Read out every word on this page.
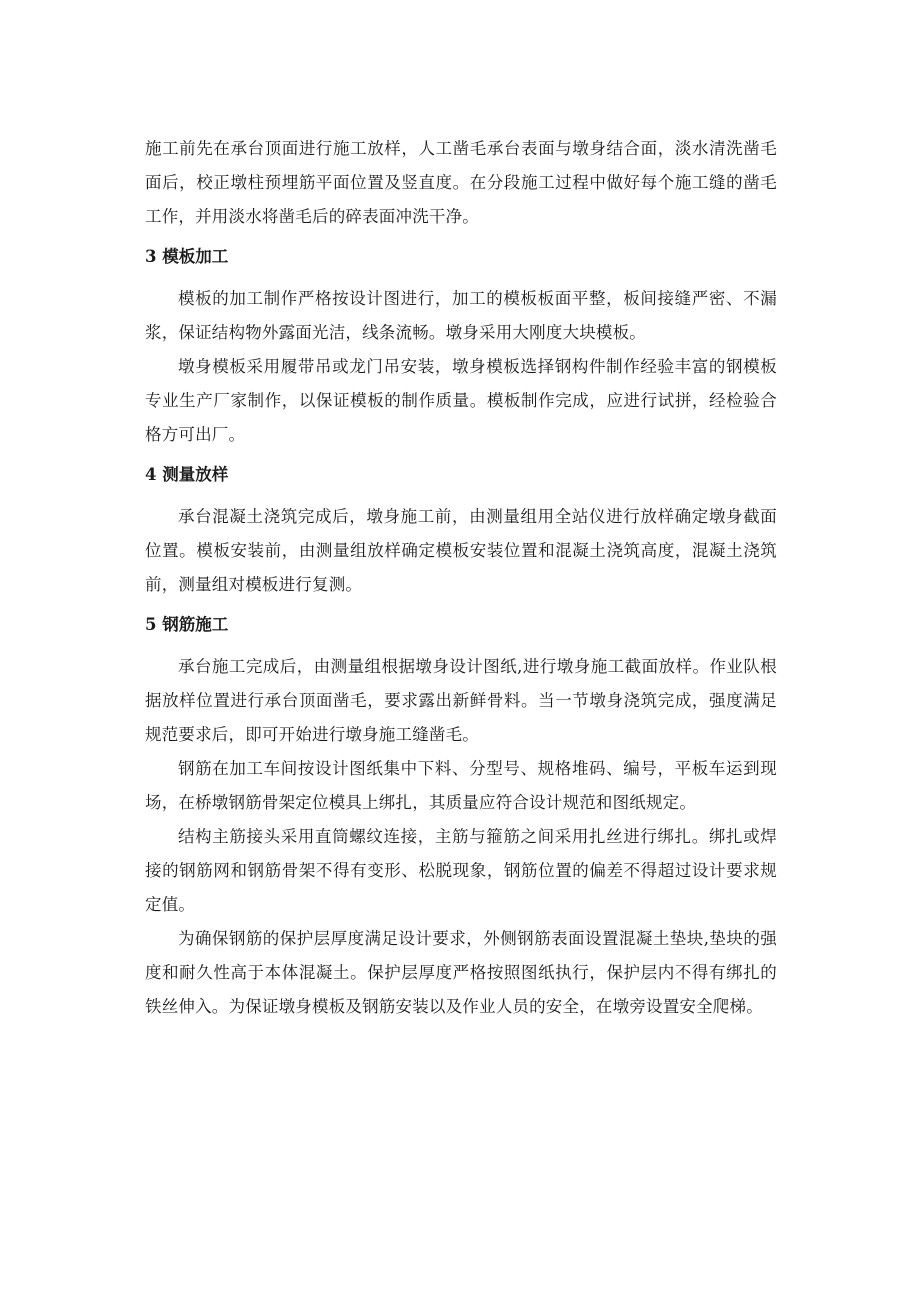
施工前先在承台顶面进行施工放样，人工凿毛承台表面与墩身结合面，淡水清洗凿毛面后，校正墩柱预埋筋平面位置及竖直度。在分段施工过程中做好每个施工缝的凿毛工作，并用淡水将凿毛后的碎表面冲洗干净。

3 模板加工

模板的加工制作严格按设计图进行，加工的模板板面平整，板间接缝严密、不漏浆，保证结构物外露面光洁，线条流畅。墩身采用大刚度大块模板。

墩身模板采用履带吊或龙门吊安装，墩身模板选择钢构件制作经验丰富的钢模板专业生产厂家制作，以保证模板的制作质量。模板制作完成，应进行试拼，经检验合格方可出厂。

4 测量放样

承台混凝土浇筑完成后，墩身施工前，由测量组用全站仪进行放样确定墩身截面位置。模板安装前，由测量组放样确定模板安装位置和混凝土浇筑高度，混凝土浇筑前，测量组对模板进行复测。

5 钢筋施工

承台施工完成后，由测量组根据墩身设计图纸,进行墩身施工截面放样。作业队根据放样位置进行承台顶面凿毛，要求露出新鲜骨料。当一节墩身浇筑完成，强度满足规范要求后，即可开始进行墩身施工缝凿毛。

钢筋在加工车间按设计图纸集中下料、分型号、规格堆码、编号，平板车运到现场，在桥墩钢筋骨架定位模具上绑扎，其质量应符合设计规范和图纸规定。

结构主筋接头采用直筒螺纹连接，主筋与箍筋之间采用扎丝进行绑扎。绑扎或焊接的钢筋网和钢筋骨架不得有变形、松脱现象，钢筋位置的偏差不得超过设计要求规定值。

为确保钢筋的保护层厚度满足设计要求，外侧钢筋表面设置混凝土垫块,垫块的强度和耐久性高于本体混凝土。保护层厚度严格按照图纸执行，保护层内不得有绑扎的铁丝伸入。为保证墩身模板及钢筋安装以及作业人员的安全，在墩旁设置安全爬梯。
